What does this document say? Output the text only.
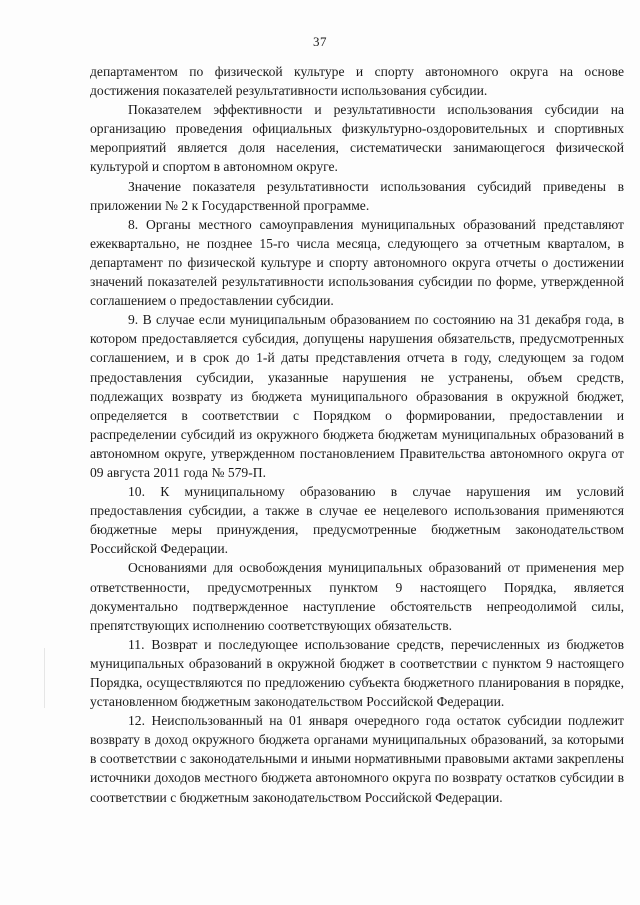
37

департаментом по физической культуре и спорту автономного округа на основе достижения показателей результативности использования субсидии.

Показателем эффективности и результативности использования субсидии на организацию проведения официальных физкультурно-оздоровительных и спортивных мероприятий является доля населения, систематически занимающегося физической культурой и спортом в автономном округе.

Значение показателя результативности использования субсидий приведены в приложении № 2 к Государственной программе.

8. Органы местного самоуправления муниципальных образований представляют ежеквартально, не позднее 15-го числа месяца, следующего за отчетным кварталом, в департамент по физической культуре и спорту автономного округа отчеты о достижении значений показателей результативности использования субсидии по форме, утвержденной соглашением о предоставлении субсидии.

9. В случае если муниципальным образованием по состоянию на 31 декабря года, в котором предоставляется субсидия, допущены нарушения обязательств, предусмотренных соглашением, и в срок до 1-й даты представления отчета в году, следующем за годом предоставления субсидии, указанные нарушения не устранены, объем средств, подлежащих возврату из бюджета муниципального образования в окружной бюджет, определяется в соответствии с Порядком о формировании, предоставлении и распределении субсидий из окружного бюджета бюджетам муниципальных образований в автономном округе, утвержденном постановлением Правительства автономного округа от 09 августа 2011 года № 579-П.

10. К муниципальному образованию в случае нарушения им условий предоставления субсидии, а также в случае ее нецелевого использования применяются бюджетные меры принуждения, предусмотренные бюджетным законодательством Российской Федерации.

Основаниями для освобождения муниципальных образований от применения мер ответственности, предусмотренных пунктом 9 настоящего Порядка, является документально подтвержденное наступление обстоятельств непреодолимой силы, препятствующих исполнению соответствующих обязательств.

11. Возврат и последующее использование средств, перечисленных из бюджетов муниципальных образований в окружной бюджет в соответствии с пунктом 9 настоящего Порядка, осуществляются по предложению субъекта бюджетного планирования в порядке, установленном бюджетным законодательством Российской Федерации.

12. Неиспользованный на 01 января очередного года остаток субсидии подлежит возврату в доход окружного бюджета органами муниципальных образований, за которыми в соответствии с законодательными и иными нормативными правовыми актами закреплены источники доходов местного бюджета автономного округа по возврату остатков субсидии в соответствии с бюджетным законодательством Российской Федерации.
